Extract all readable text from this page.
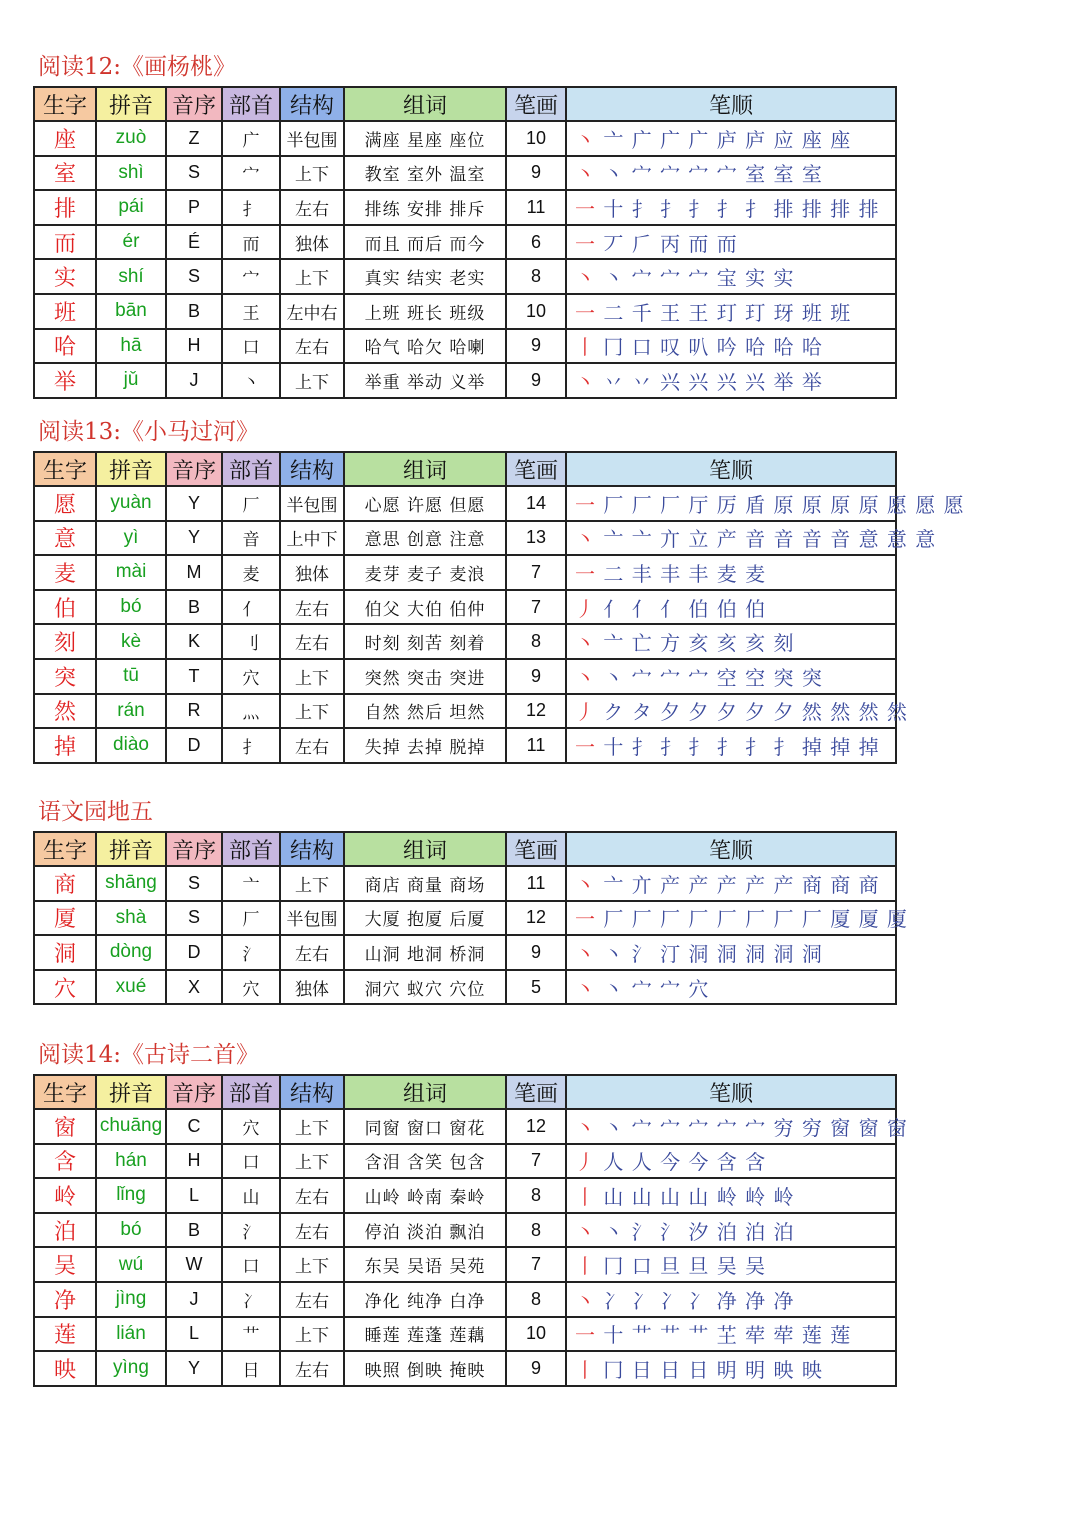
阅读12:《画杨桃》
生字	拼音	音序	部首	结构	组词	笔画	笔顺
座	zuò	Z	广	半包围	满座 星座 座位	10	丶 亠 广 广 广 庐 庐 应 座 座
室	shì	S	宀	上下	教室 室外 温室	9	丶 丶 宀 宀 宀 宀 室 室 室
排	pái	P	扌	左右	排练 安排 排斥	11	一 十 扌 扌 扌 扌 扌 排 排 排 排
而	ér	É	而	独体	而且 而后 而今	6	一 丆 𠂆 丙 而 而
实	shí	S	宀	上下	真实 结实 老实	8	丶 丶 宀 宀 宀 宝 实 实
班	bān	B	王	左中右	上班 班长 班级	10	一 二 千 王 王 玎 玎 玡 班 班
哈	hā	H	口	左右	哈气 哈欠 哈喇	9	丨 冂 口 叹 叭 吟 哈 哈 哈
举	jǔ	J	丶	上下	举重 举动 义举	9	丶 丷 丷 兴 兴 兴 兴 举 举
阅读13:《小马过河》
生字	拼音	音序	部首	结构	组词	笔画	笔顺
愿	yuàn	Y	厂	半包围	心愿 许愿 但愿	14	一 厂 厂 厂 厅 厉 盾 原 原 原 原 愿 愿 愿
意	yì	Y	音	上中下	意思 创意 注意	13	丶 亠 亠 亣 立 产 音 音 音 音 意 意 意
麦	mài	M	麦	独体	麦芽 麦子 麦浪	7	一 二 丰 丰 丰 麦 麦
伯	bó	B	亻	左右	伯父 大伯 伯仲	7	丿 亻 亻 亻 伯 伯 伯
刻	kè	K	刂	左右	时刻 刻苦 刻着	8	丶 亠 亡 方 亥 亥 亥 刻
突	tū	T	穴	上下	突然 突击 突进	9	丶 丶 宀 宀 宀 空 空 突 突
然	rán	R	灬	上下	自然 然后 坦然	12	丿 ク タ 夕 夕 夕 夕 夕 然 然 然 然
掉	diào	D	扌	左右	失掉 去掉 脱掉	11	一 十 扌 扌 扌 扌 扌 扌 掉 掉 掉
语文园地五
生字	拼音	音序	部首	结构	组词	笔画	笔顺
商	shāng	S	亠	上下	商店 商量 商场	11	丶 亠 亣 产 产 产 产 产 商 商 商
厦	shà	S	厂	半包围	大厦 抱厦 后厦	12	一 厂 厂 厂 厂 厂 厂 厂 厂 厦 厦 厦
洞	dòng	D	氵	左右	山洞 地洞 桥洞	9	丶 丶 氵 汀 洞 洞 洞 洞 洞
穴	xué	X	穴	独体	洞穴 蚁穴 穴位	5	丶 丶 宀 宀 穴
阅读14:《古诗二首》
生字	拼音	音序	部首	结构	组词	笔画	笔顺
窗	chuāng	C	穴	上下	同窗 窗口 窗花	12	丶 丶 宀 宀 宀 宀 宀 穷 穷 窗 窗 窗
含	hán	H	口	上下	含泪 含笑 包含	7	丿 人 人 今 今 含 含
岭	lǐng	L	山	左右	山岭 岭南 秦岭	8	丨 山 山 山 山 岭 岭 岭
泊	bó	B	氵	左右	停泊 淡泊 飘泊	8	丶 丶 氵 氵 汐 泊 泊 泊
吴	wú	W	口	上下	东吴 吴语 吴苑	7	丨 冂 口 旦 旦 吴 吴
净	jìng	J	冫	左右	净化 纯净 白净	8	丶 冫 冫 冫 冫 净 净 净
莲	lián	L	艹	上下	睡莲 莲蓬 莲藕	10	一 十 艹 艹 艹 芏 荦 荦 莲 莲
映	yìng	Y	日	左右	映照 倒映 掩映	9	丨 冂 日 日 日 明 明 映 映
